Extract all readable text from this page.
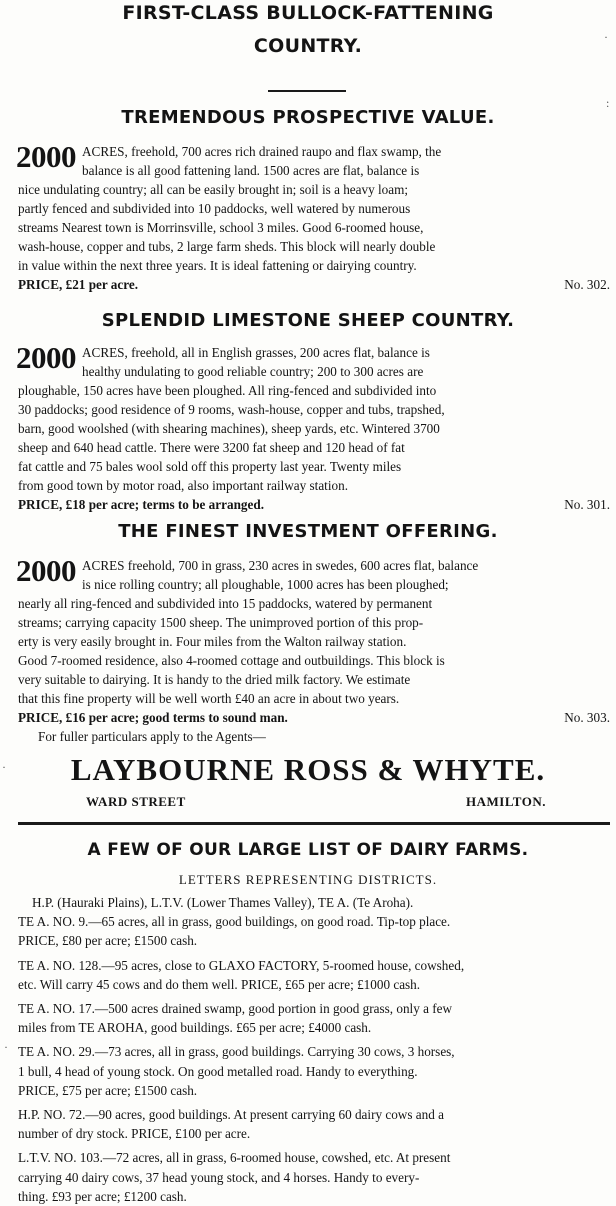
FIRST-CLASS BULLOCK-FATTENING
COUNTRY.
TREMENDOUS PROSPECTIVE VALUE.
2000 ACRES, freehold, 700 acres rich drained raupo and flax swamp, the
balance is all good fattening land. 1500 acres are flat, balance is
nice undulating country; all can be easily brought in; soil is a heavy loam;
partly fenced and subdivided into 10 paddocks, well watered by numerous
streams Nearest town is Morrinsville, school 3 miles. Good 6-roomed house,
wash-house, copper and tubs, 2 large farm sheds. This block will nearly double
in value within the next three years. It is ideal fattening or dairying country.
PRICE, £21 per acre.	No. 302.
SPLENDID LIMESTONE SHEEP COUNTRY.
2000 ACRES, freehold, all in English grasses, 200 acres flat, balance is
healthy undulating to good reliable country; 200 to 300 acres are
ploughable, 150 acres have been ploughed. All ring-fenced and subdivided into
30 paddocks; good residence of 9 rooms, wash-house, copper and tubs, trapshed,
barn, good woolshed (with shearing machines), sheep yards, etc. Wintered 3700
sheep and 640 head cattle. There were 3200 fat sheep and 120 head of fat
fat cattle and 75 bales wool sold off this property last year. Twenty miles
from good town by motor road, also important railway station.
PRICE, £18 per acre; terms to be arranged.	No. 301.
THE FINEST INVESTMENT OFFERING.
2000 ACRES freehold, 700 in grass, 230 acres in swedes, 600 acres flat, balance
is nice rolling country; all ploughable, 1000 acres has been ploughed;
nearly all ring-fenced and subdivided into 15 paddocks, watered by permanent
streams; carrying capacity 1500 sheep. The unimproved portion of this prop-
erty is very easily brought in. Four miles from the Walton railway station.
Good 7-roomed residence, also 4-roomed cottage and outbuildings. This block is
very suitable to dairying. It is handy to the dried milk factory. We estimate
that this fine property will be well worth £40 an acre in about two years.
PRICE, £16 per acre; good terms to sound man.	No. 303.
For fuller particulars apply to the Agents—
LAYBOURNE ROSS & WHYTE.
WARD STREET	HAMILTON.
A FEW OF OUR LARGE LIST OF DAIRY FARMS.
LETTERS REPRESENTING DISTRICTS.
H.P. (Hauraki Plains), L.T.V. (Lower Thames Valley), TE A. (Te Aroha).
TE A. NO. 9.—65 acres, all in grass, good buildings, on good road. Tip-top place.
PRICE, £80 per acre; £1500 cash.
TE A. NO. 128.—95 acres, close to GLAXO FACTORY, 5-roomed house, cowshed,
etc. Will carry 45 cows and do them well. PRICE, £65 per acre; £1000 cash.
TE A. NO. 17.—500 acres drained swamp, good portion in good grass, only a few
miles from TE AROHA, good buildings. £65 per acre; £4000 cash.
TE A. NO. 29.—73 acres, all in grass, good buildings. Carrying 30 cows, 3 horses,
1 bull, 4 head of young stock. On good metalled road. Handy to everything.
PRICE, £75 per acre; £1500 cash.
H.P. NO. 72.—90 acres, good buildings. At present carrying 60 dairy cows and a
number of dry stock. PRICE, £100 per acre.
L.T.V. NO. 103.—72 acres, all in grass, 6-roomed house, cowshed, etc. At present
carrying 40 dairy cows, 37 head young stock, and 4 horses. Handy to every-
thing. £93 per acre; £1200 cash.
·
:
·
·
